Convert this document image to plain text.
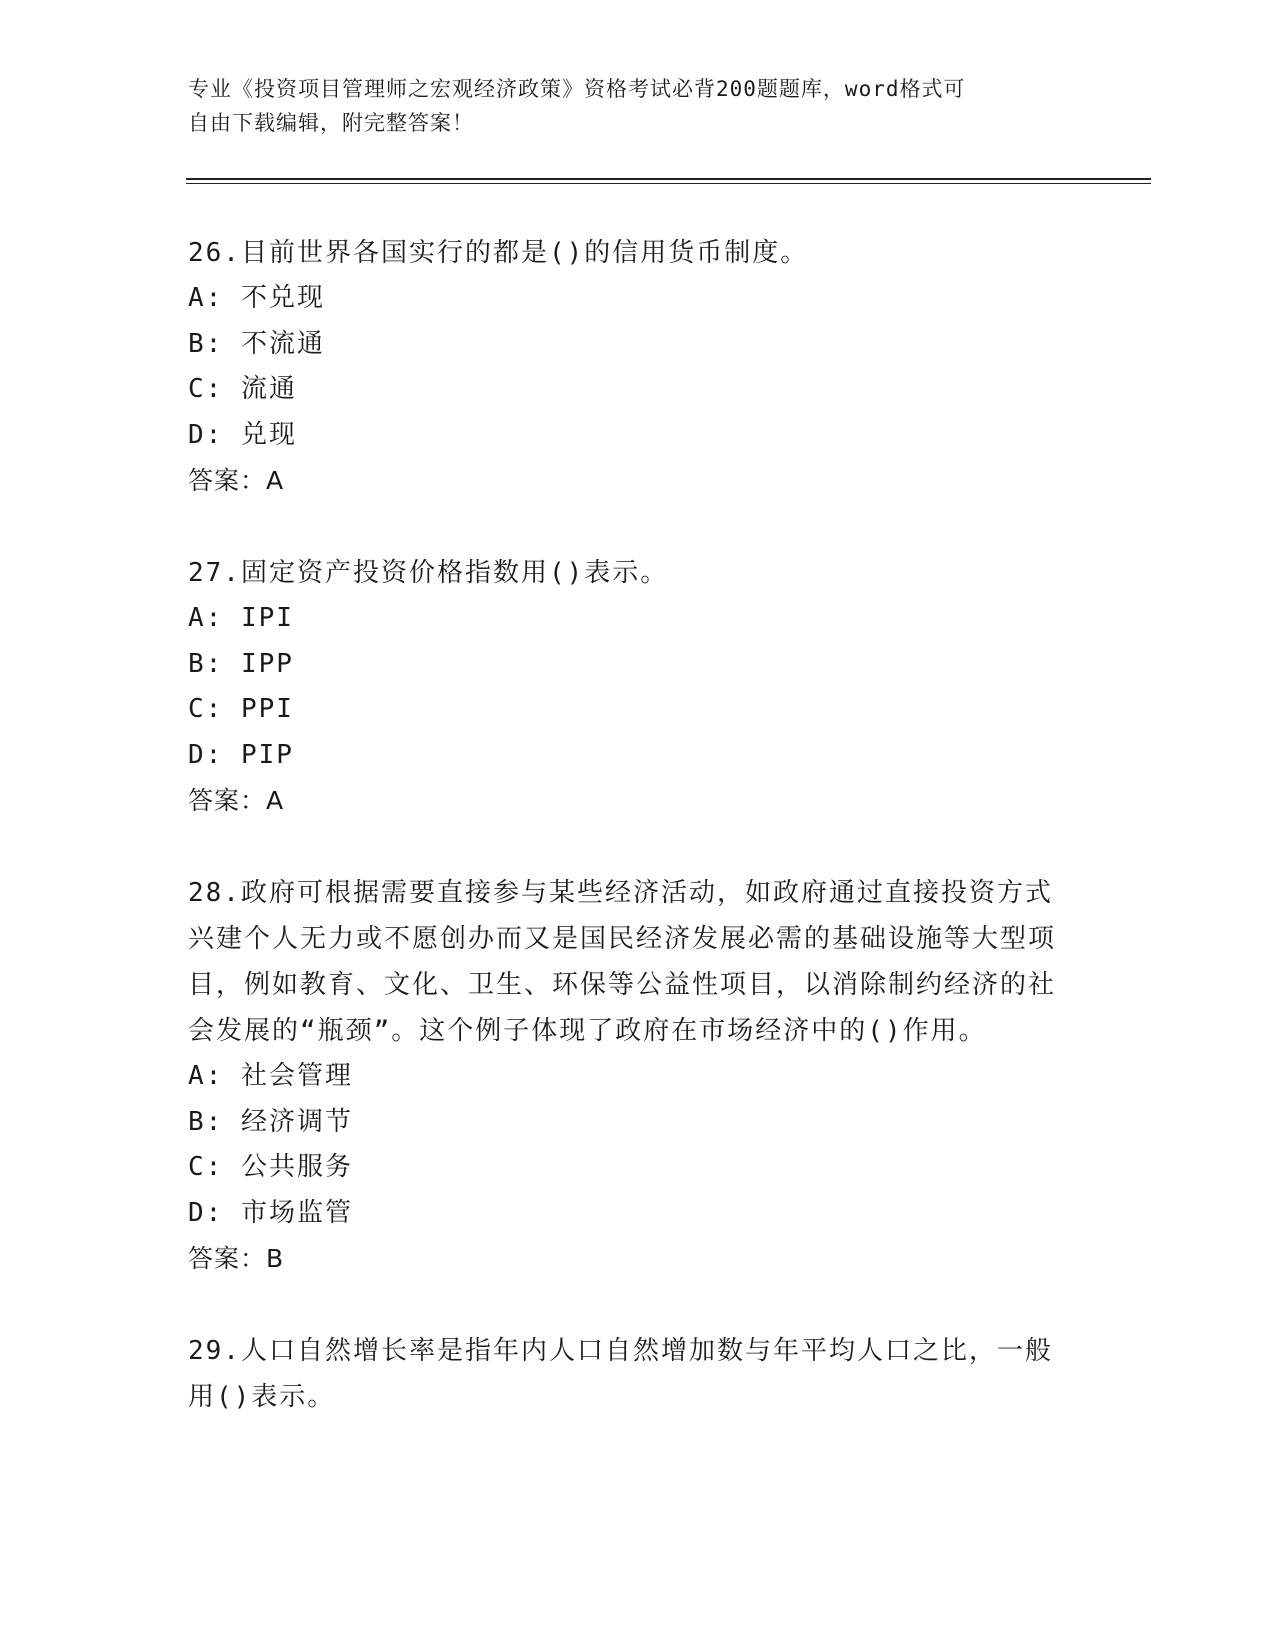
专业《投资项目管理师之宏观经济政策》资格考试必背200题题库，word格式可
自由下载编辑，附完整答案！
26.目前世界各国实行的都是()的信用货币制度。
A: 不兑现
B: 不流通
C: 流通
D: 兑现
答案：A
27.固定资产投资价格指数用()表示。
A: IPI
B: IPP
C: PPI
D: PIP
答案：A
28.政府可根据需要直接参与某些经济活动，如政府通过直接投资方式兴建个人无力或不愿创办而又是国民经济发展必需的基础设施等大型项目，例如教育、文化、卫生、环保等公益性项目，以消除制约经济的社会发展的“瓶颈”。这个例子体现了政府在市场经济中的()作用。
A: 社会管理
B: 经济调节
C: 公共服务
D: 市场监管
答案：B
29.人口自然增长率是指年内人口自然增加数与年平均人口之比，一般用()表示。
